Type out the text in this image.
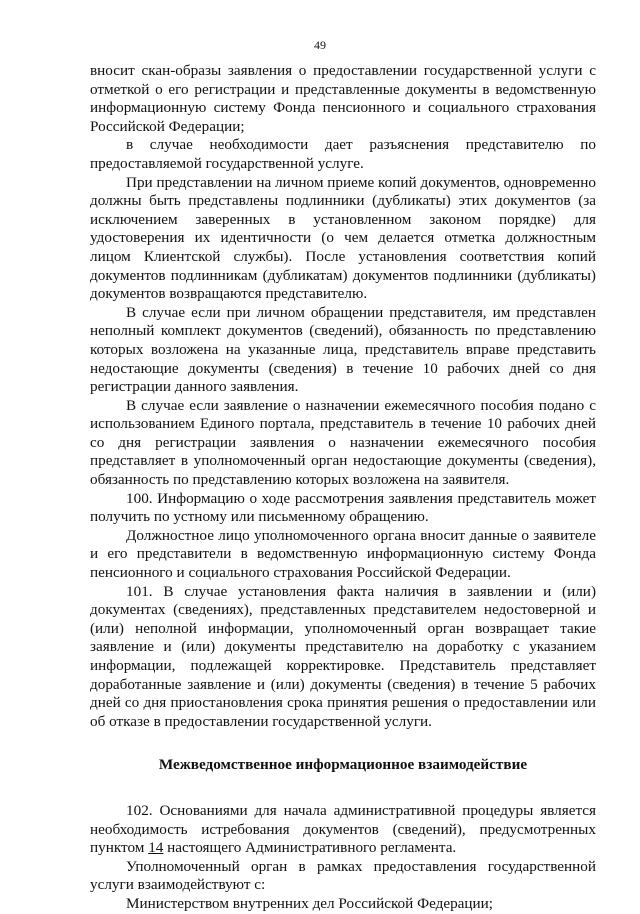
49

вносит скан-образы заявления о предоставлении государственной услуги с отметкой о его регистрации и представленные документы в ведомственную информационную систему Фонда пенсионного и социального страхования Российской Федерации;

в случае необходимости дает разъяснения представителю по предоставляемой государственной услуге.

При представлении на личном приеме копий документов, одновременно должны быть представлены подлинники (дубликаты) этих документов (за исключением заверенных в установленном законом порядке) для удостоверения их идентичности (о чем делается отметка должностным лицом Клиентской службы). После установления соответствия копий документов подлинникам (дубликатам) документов подлинники (дубликаты) документов возвращаются представителю.

В случае если при личном обращении представителя, им представлен неполный комплект документов (сведений), обязанность по представлению которых возложена на указанные лица, представитель вправе представить недостающие документы (сведения) в течение 10 рабочих дней со дня регистрации данного заявления.

В случае если заявление о назначении ежемесячного пособия подано с использованием Единого портала, представитель в течение 10 рабочих дней со дня регистрации заявления о назначении ежемесячного пособия представляет в уполномоченный орган недостающие документы (сведения), обязанность по представлению которых возложена на заявителя.

100. Информацию о ходе рассмотрения заявления представитель может получить по устному или письменному обращению.

Должностное лицо уполномоченного органа вносит данные о заявителе и его представители в ведомственную информационную систему Фонда пенсионного и социального страхования Российской Федерации.

101. В случае установления факта наличия в заявлении и (или) документах (сведениях), представленных представителем недостоверной и (или) неполной информации, уполномоченный орган возвращает такие заявление и (или) документы представителю на доработку с указанием информации, подлежащей корректировке. Представитель представляет доработанные заявление и (или) документы (сведения) в течение 5 рабочих дней со дня приостановления срока принятия решения о предоставлении или об отказе в предоставлении государственной услуги.

Межведомственное информационное взаимодействие

102. Основаниями для начала административной процедуры является необходимость истребования документов (сведений), предусмотренных пунктом 14 настоящего Административного регламента.

Уполномоченный орган в рамках предоставления государственной услуги взаимодействуют с:

Министерством внутренних дел Российской Федерации;
